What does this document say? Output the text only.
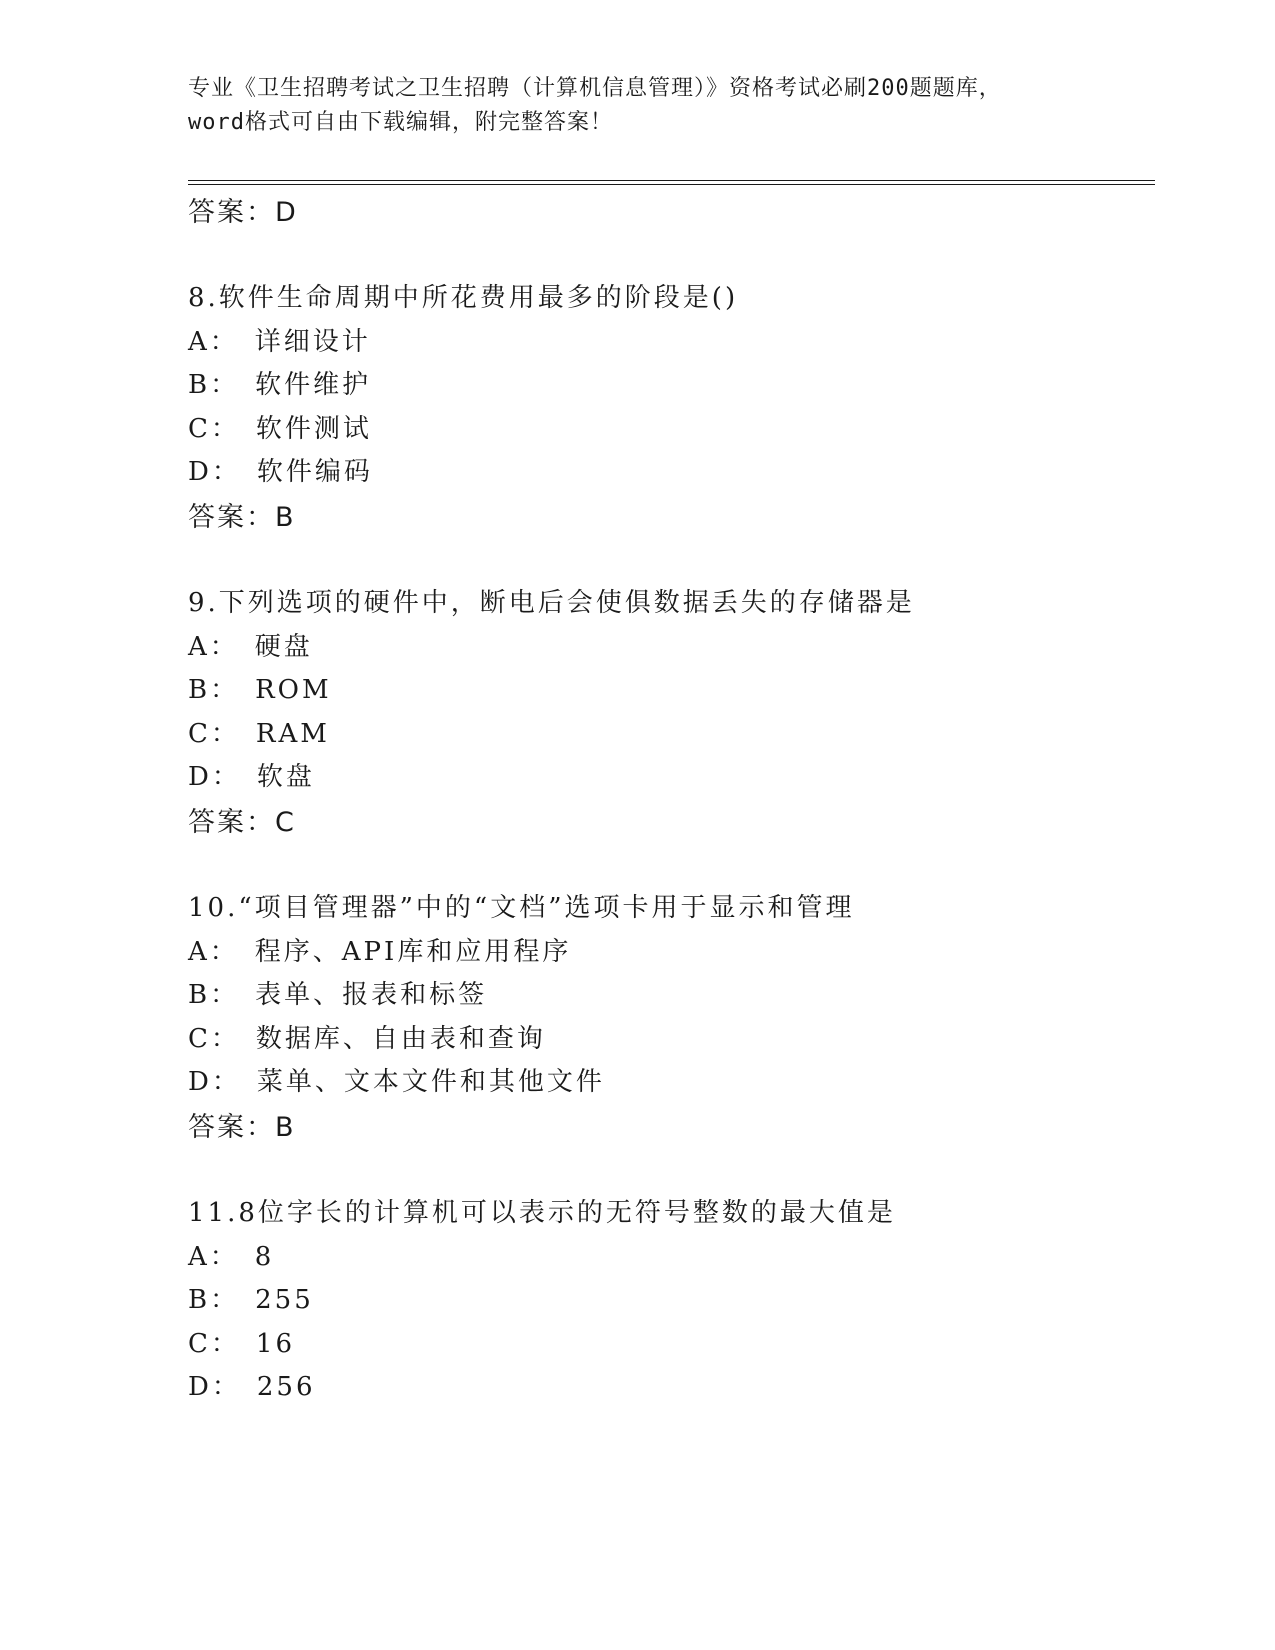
专业《卫生招聘考试之卫生招聘（计算机信息管理）》资格考试必刷200题题库，
word格式可自由下载编辑，附完整答案！
答案：D
8.软件生命周期中所花费用最多的阶段是()
A： 详细设计
B： 软件维护
C： 软件测试
D： 软件编码
答案：B
9.下列选项的硬件中，断电后会使俱数据丢失的存储器是
A： 硬盘
B： ROM
C： RAM
D： 软盘
答案：C
10.“项目管理器”中的“文档”选项卡用于显示和管理
A： 程序、API库和应用程序
B： 表单、报表和标签
C： 数据库、自由表和查询
D： 菜单、文本文件和其他文件
答案：B
11.8位字长的计算机可以表示的无符号整数的最大值是
A： 8
B： 255
C： 16
D： 256
